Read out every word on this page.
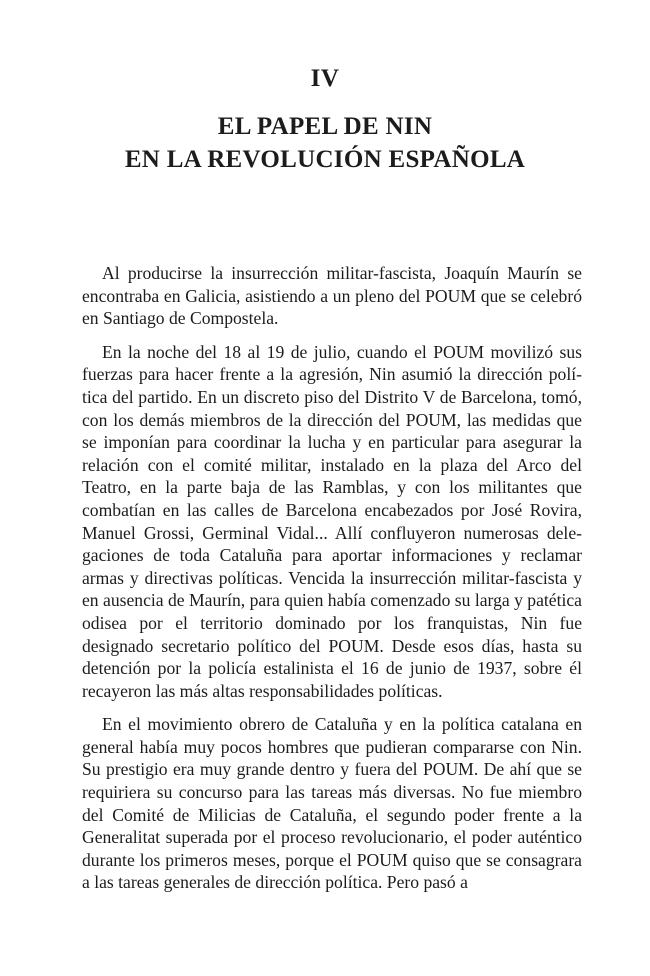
IV
EL PAPEL DE NIN
EN LA REVOLUCIÓN ESPAÑOLA

Al producirse la insurrección militar-fascista, Joaquín Maurín se encontraba en Galicia, asistiendo a un pleno del POUM que se celebró en Santiago de Compostela.

En la noche del 18 al 19 de julio, cuando el POUM movilizó sus fuerzas para hacer frente a la agresión, Nin asumió la dirección política del partido. En un discreto piso del Distrito V de Barcelona, tomó, con los demás miembros de la dirección del POUM, las medidas que se imponían para coordinar la lucha y en particular para asegurar la relación con el comité militar, instalado en la plaza del Arco del Teatro, en la parte baja de las Ramblas, y con los militantes que combatían en las calles de Barcelona encabezados por José Rovira, Manuel Grossi, Germinal Vidal... Allí confluyeron numerosas delegaciones de toda Cataluña para aportar informaciones y reclamar armas y directivas políticas. Vencida la insurrección militar-fascista y en ausencia de Maurín, para quien había comenzado su larga y patética odisea por el territorio dominado por los franquistas, Nin fue designado secretario político del POUM. Desde esos días, hasta su detención por la policía estalinista el 16 de junio de 1937, sobre él recayeron las más altas responsabilidades políticas.

En el movimiento obrero de Cataluña y en la política catalana en general había muy pocos hombres que pudieran compararse con Nin. Su prestigio era muy grande dentro y fuera del POUM. De ahí que se requiriera su concurso para las tareas más diversas. No fue miembro del Comité de Milicias de Cataluña, el segundo poder frente a la Generalitat superada por el proceso revolucionario, el poder auténtico durante los primeros meses, porque el POUM quiso que se consagrara a las tareas generales de dirección política. Pero pasó a
